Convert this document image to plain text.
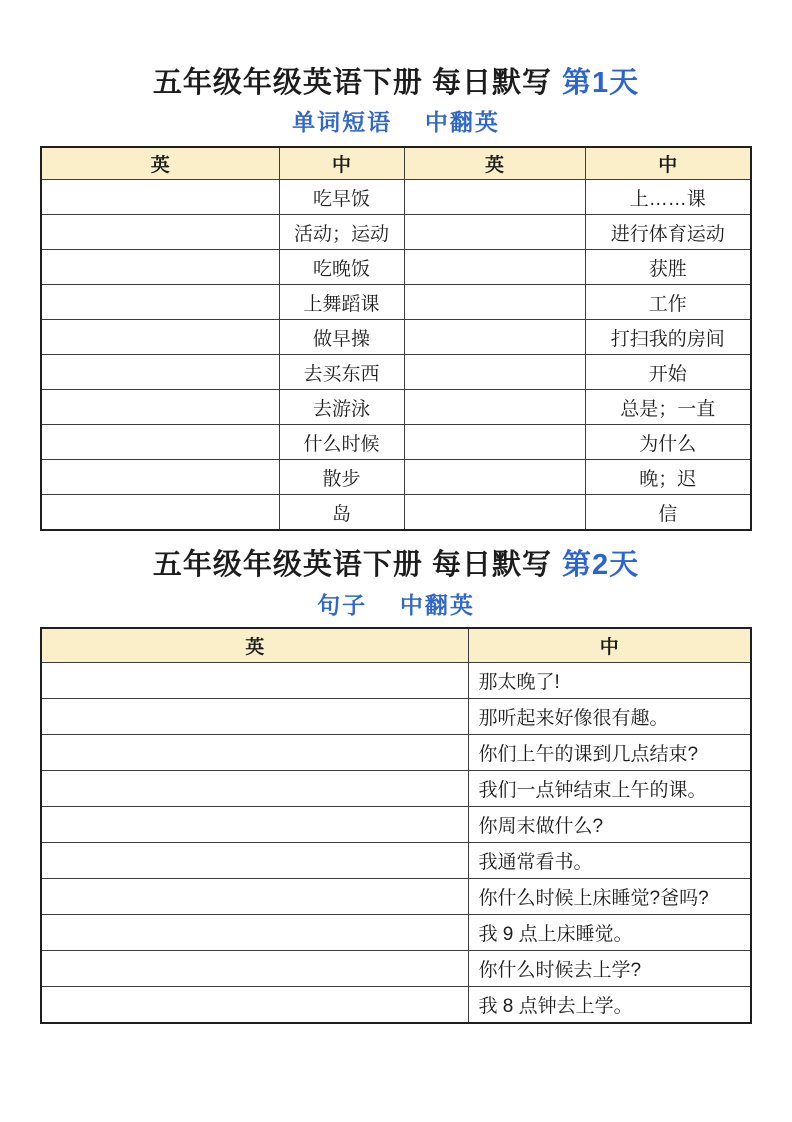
五年级年级英语下册 每日默写 第1天
单词短语　 中翻英
英	中	英	中
	吃早饭		上……课
	活动；运动		进行体育运动
	吃晚饭		获胜
	上舞蹈课		工作
	做早操		打扫我的房间
	去买东西		开始
	去游泳		总是；一直
	什么时候		为什么
	散步		晚；迟
	岛		信
五年级年级英语下册 每日默写 第2天
句子　 中翻英
英	中
	那太晚了!
	那听起来好像很有趣。
	你们上午的课到几点结束?
	我们一点钟结束上午的课。
	你周末做什么?
	我通常看书。
	你什么时候上床睡觉?爸吗?
	我 9 点上床睡觉。
	你什么时候去上学?
	我 8 点钟去上学。
